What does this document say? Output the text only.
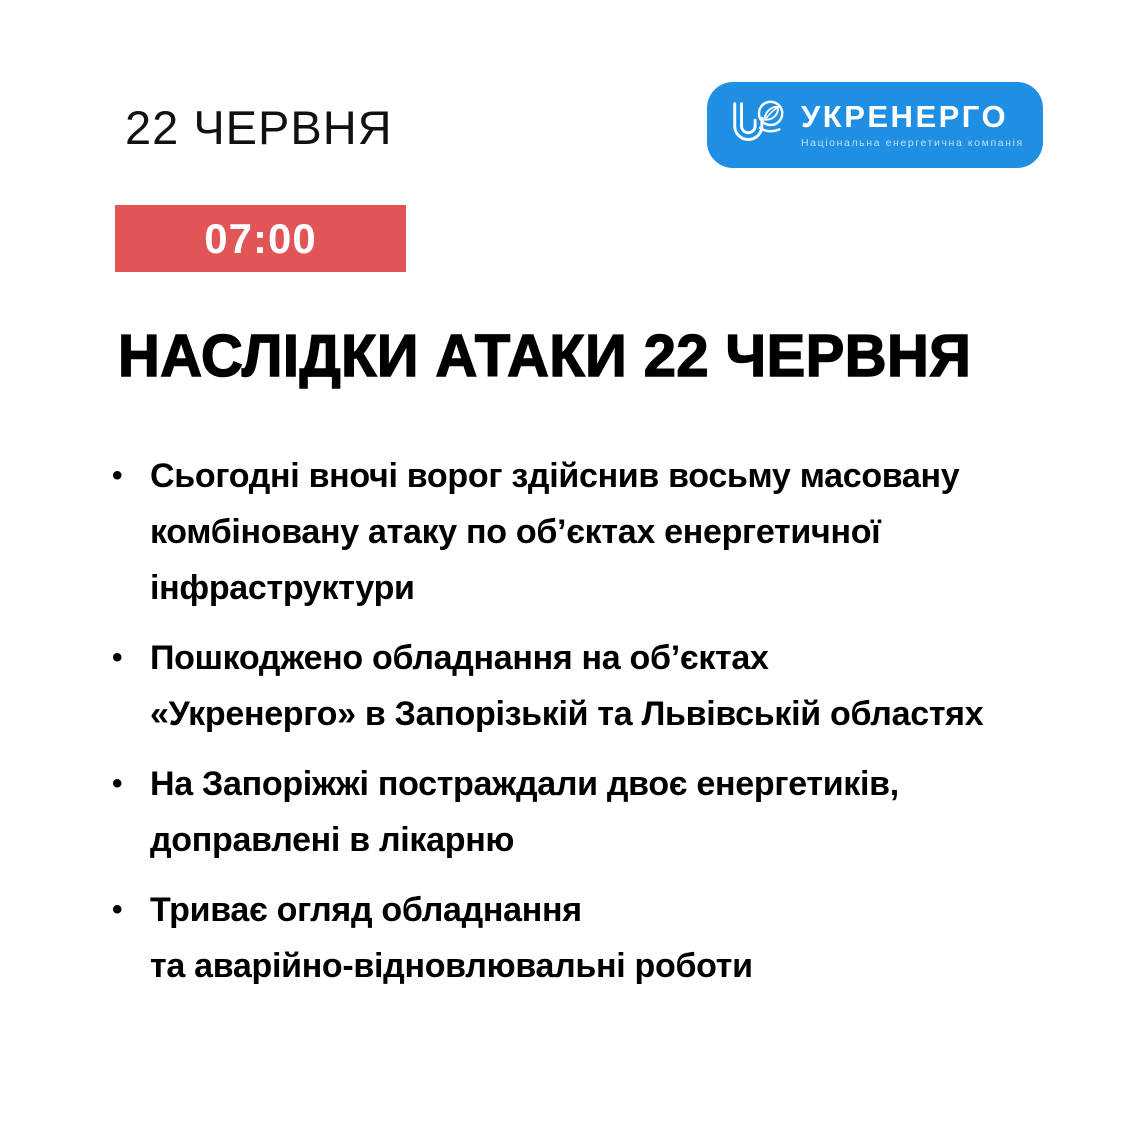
22 ЧЕРВНЯ	УКРЕНЕРГО
Національна енергетична компанія
07:00
НАСЛІДКИ АТАКИ 22 ЧЕРВНЯ
• Сьогодні вночі ворог здійснив восьму масовану
комбіновану атаку по об’єктах енергетичної
інфраструктури
• Пошкоджено обладнання на об’єктах
«Укренерго» в Запорізькій та Львівській областях
• На Запоріжжі постраждали двоє енергетиків,
доправлені в лікарню
• Триває огляд обладнання
та аварійно-відновлювальні роботи
